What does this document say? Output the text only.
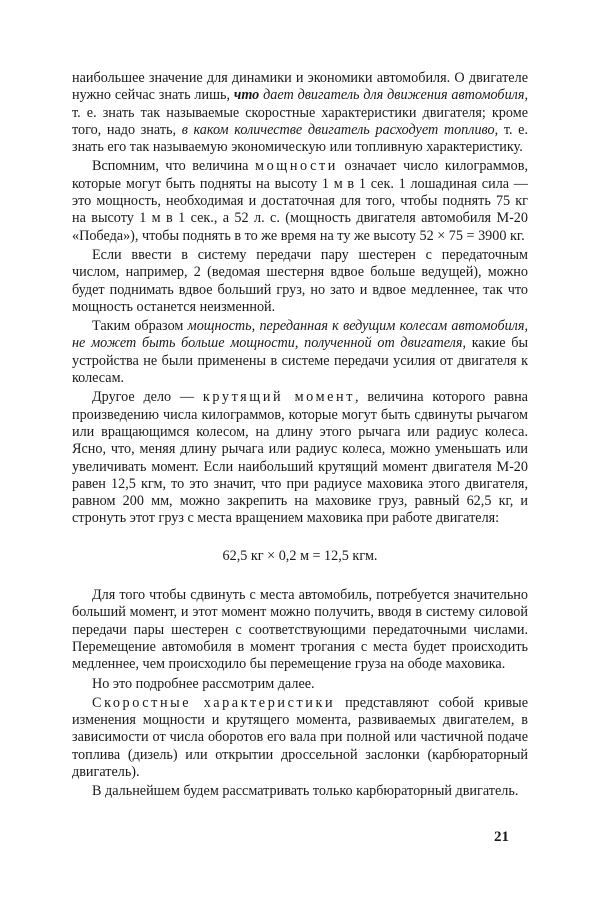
наибольшее значение для динамики и экономики автомобиля. О двигателе нужно сейчас знать лишь, что дает двигатель для движения автомобиля, т. е. знать так называемые скоростные характеристики двигателя; кроме того, надо знать, в каком количестве двигатель расходует топливо, т. е. знать его так называемую экономическую или топливную характеристику.

Вспомним, что величина мощности означает число килограммов, которые могут быть подняты на высоту 1 м в 1 сек. 1 лошадиная сила — это мощность, необходимая и достаточная для того, чтобы поднять 75 кг на высоту 1 м в 1 сек., а 52 л. с. (мощность двигателя автомобиля М-20 «Победа»), чтобы поднять в то же время на ту же высоту 52 × 75 = 3900 кг.

Если ввести в систему передачи пару шестерен с передаточным числом, например, 2 (ведомая шестерня вдвое больше ведущей), можно будет поднимать вдвое больший груз, но зато и вдвое медленнее, так что мощность останется неизменной.

Таким образом мощность, переданная к ведущим колесам автомобиля, не может быть больше мощности, полученной от двигателя, какие бы устройства не были применены в системе передачи усилия от двигателя к колесам.

Другое дело — крутящий момент, величина которого равна произведению числа килограммов, которые могут быть сдвинуты рычагом или вращающимся колесом, на длину этого рычага или радиус колеса. Ясно, что, меняя длину рычага или радиус колеса, можно уменьшать или увеличивать момент. Если наибольший крутящий момент двигателя М-20 равен 12,5 кгм, то это значит, что при радиусе маховика этого двигателя, равном 200 мм, можно закрепить на маховике груз, равный 62,5 кг, и стронуть этот груз с места вращением маховика при работе двигателя:

62,5 кг × 0,2 м = 12,5 кгм.

Для того чтобы сдвинуть с места автомобиль, потребуется значительно больший момент, и этот момент можно получить, вводя в систему силовой передачи пары шестерен с соответствующими передаточными числами. Перемещение автомобиля в момент трогания с места будет происходить медленнее, чем происходило бы перемещение груза на ободе маховика.

Но это подробнее рассмотрим далее.

Скоростные характеристики представляют собой кривые изменения мощности и крутящего момента, развиваемых двигателем, в зависимости от числа оборотов его вала при полной или частичной подаче топлива (дизель) или открытии дроссельной заслонки (карбюраторный двигатель).

В дальнейшем будем рассматривать только карбюраторный двигатель.

21
